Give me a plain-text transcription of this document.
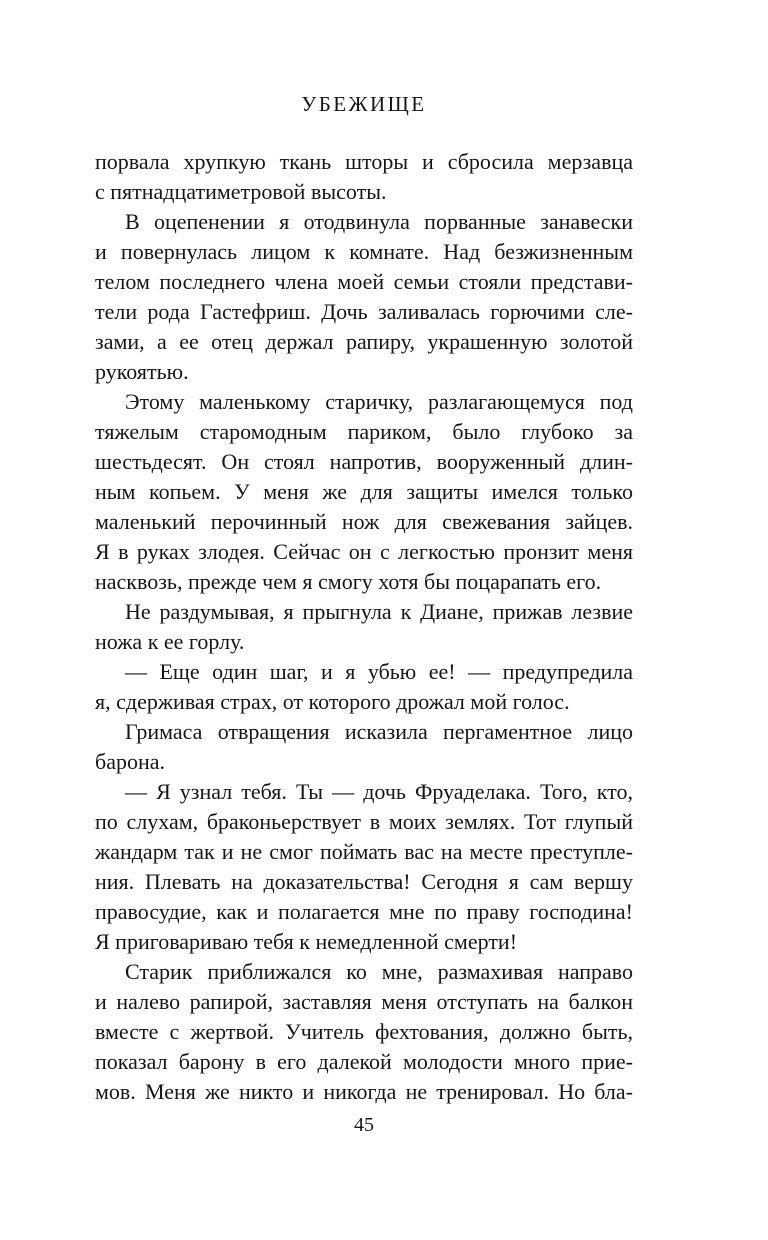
УБЕЖИЩЕ
порвала хрупкую ткань шторы и сбросила мерзавца
с пятнадцатиметровой высоты.
В оцепенении я отодвинула порванные занавески
и повернулась лицом к комнате. Над безжизненным
телом последнего члена моей семьи стояли представи-
тели рода Гастефриш. Дочь заливалась горючими сле-
зами, а ее отец держал рапиру, украшенную золотой
рукоятью.
Этому маленькому старичку, разлагающемуся под
тяжелым старомодным париком, было глубоко за
шестьдесят. Он стоял напротив, вооруженный длин-
ным копьем. У меня же для защиты имелся только
маленький перочинный нож для свежевания зайцев.
Я в руках злодея. Сейчас он с легкостью пронзит меня
насквозь, прежде чем я смогу хотя бы поцарапать его.
Не раздумывая, я прыгнула к Диане, прижав лезвие
ножа к ее горлу.
— Еще один шаг, и я убью ее! — предупредила
я, сдерживая страх, от которого дрожал мой голос.
Гримаса отвращения исказила пергаментное лицо
барона.
— Я узнал тебя. Ты — дочь Фруаделака. Того, кто,
по слухам, браконьерствует в моих землях. Тот глупый
жандарм так и не смог поймать вас на месте преступле-
ния. Плевать на доказательства! Сегодня я сам вершу
правосудие, как и полагается мне по праву господина!
Я приговариваю тебя к немедленной смерти!
Старик приближался ко мне, размахивая направо
и налево рапирой, заставляя меня отступать на балкон
вместе с жертвой. Учитель фехтования, должно быть,
показал барону в его далекой молодости много прие-
мов. Меня же никто и никогда не тренировал. Но бла-
45
